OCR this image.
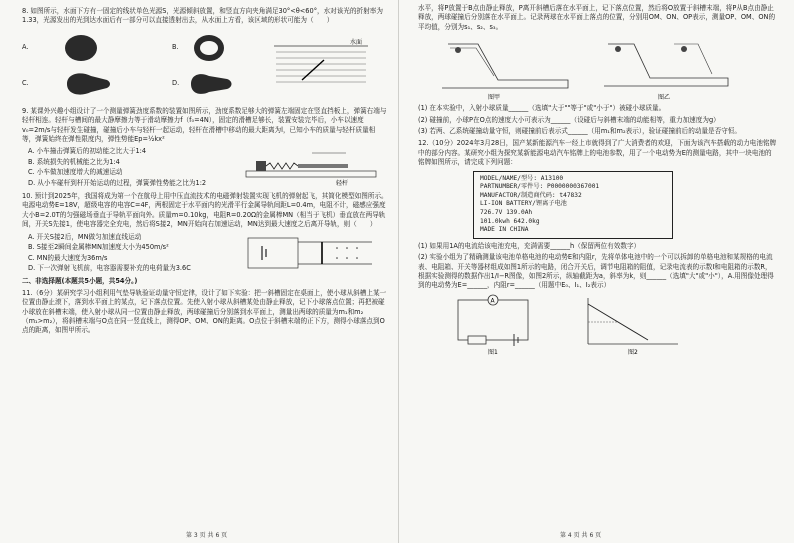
8. 如图所示，水面下方有一固定的线状单色光源S，光源倾斜放置，和竖直方向夹角满足30°<θ<60°，水对该光的折射率为1.33，光源发出的光到达水面后有一部分可以直接透射出去，从水面上方看，该区域的形状可能为（　　）

A.
C.
B.
D.
水面

9. 某课外兴趣小组设计了一个测量弹簧劲度系数的装置如图所示，劲度系数足够大的弹簧左端固定在竖直挡板上，弹簧右端与轻杆相连。轻杆与槽间的最大静摩擦力等于滑动摩擦力f（f₀=4N），固定的滑槽足够长，装置安装完毕后，小车以速度v₀=2m/s与轻杆发生碰撞，碰撞后小车与轻杆一起运动，轻杆在滑槽中移动的最大距离为l，已知小车的质量与轻杆质量相等，弹簧始终在弹性限度内，弹性势能Ep=½kx²

A. 小车撞击弹簧后的初动能之比大于1:4

B. 系统损失的机械能之比为1:4

C. 小车做加速度增大的减速运动

D. 从小车碰杆到杆开始运动的过程，弹簧弹性势能之比为1:2	轻杆

10. 预计到2025年，我国将成为第一个在航母上用中压直流技术的电磁弹射装置实现飞机的弹射起飞，其简化模型如图所示。电源电动势E=18V，超级电容的电容C=4F，两根固定于水平面内的光滑平行金属导轨间距L=0.4m，电阻不计，磁感应强度大小B=2.0T的匀强磁场垂直于导轨平面向外。质量m=0.10kg，电阻R=0.20Ω的金属棒MN（相当于飞机）垂直放在两导轨间，开关S先接1，使电容器完全充电，然后将S接2，MN开始向右加速运动，MN达到最大速度之后离开导轨，则（　　）

A. 开关S接2后，MN做匀加速直线运动

B. S接至2瞬间金属棒MN加速度大小为450m/s²

C. MN的最大速度为36m/s

D. 下一次弹射飞机前，电容器需要补充的电荷量为3.6C

二、非选择题(本题共5小题，共54分。)

11.（6分）某研究学习小组利用气垫导轨验证动量守恒定律，设计了如下实验：把一斜槽固定在桌面上，使小球从斜槽上某一位置由静止滚下，落到水平面上的某点，记下落点位置。先使入射小球从斜槽某处由静止释放，记下小球落点位置；再把被碰小球放在斜槽末端，使入射小球从同一位置由静止释放，两球碰撞后分别落到水平面上，测量出两球的质量为m₁和m₂（m₁>m₂），将斜槽末端与O点在同一竖直线上，测得OP、OM、ON的距离。O点位于斜槽末端的正下方，测得小球落点到O点的距离，如图甲所示。

第 3 页 共 6 页

水平，将P放置于B点由静止释放，P离开斜槽后落在水平面上，记下落点位置，然后将O放置于斜槽末端，将P从B点由静止释放，两球碰撞后分别落在水平面上。记录两球在水平面上落点的位置，分别用OM、ON、OP表示，测量OP、OM、ON的平均值，分别为s₁、s₂、s₃。

图甲	图乙

(1) 在本实验中，入射小球质量______（选填"大于""等于"或"小于"）被碰小球质量。

(2) 碰撞前，小球P在O点的速度大小可表示为______（设碰后与斜槽末端的动能相等，重力加速度为g）

(3) 若两、乙系统碰撞动量守恒，则碰撞前后表示式______（用m₁和m₂表示），验证碰撞前后的动量是否守恒。

12.（10分）2024年3月28日，国产某新能源汽车一经上市就得到了广大消费者的欢迎，下面为该汽车搭载的动力电池铭牌中的部分内容。某研究小组为探究某新能源电动汽车铭牌上的电池参数，用了一个电动势为E的测量电路，其中一块电池的铭牌如图所示，请完成下列问题：

MODEL/NAME/型号: A13100
PARTNUMBER/零件号: P0000000367001
MANUFACTOR/制造商代码: t47832
LI-ION BATTERY/锂离子电池
726.7V 139.0Ah
101.0kwh 642.0kg
MADE IN CHINA

(1) 如果用1A的电流给该电池充电，充满需要______h（保留两位有效数字）

(2) 实验小组为了精确测量该电池单格电池的电动势E和内阻r，先将单体电池中的一个可以拆卸的单格电池和某规格的电流表、电阻箱、开关等器材组成如图1所示的电路，闭合开关后，调节电阻箱的阻值，记录电流表的示数I和电阻箱的示数R，根据实验测得的数据作出1/I−R图像，如图2所示，纵轴截距为a，斜率为k，则______（选填"大"或"小"），A.用图像处理得到的电动势为E=______，内阻r=______（用题中E₀、I₁、I₂表示）

A
图1	图2
第 4 页 共 6 页
